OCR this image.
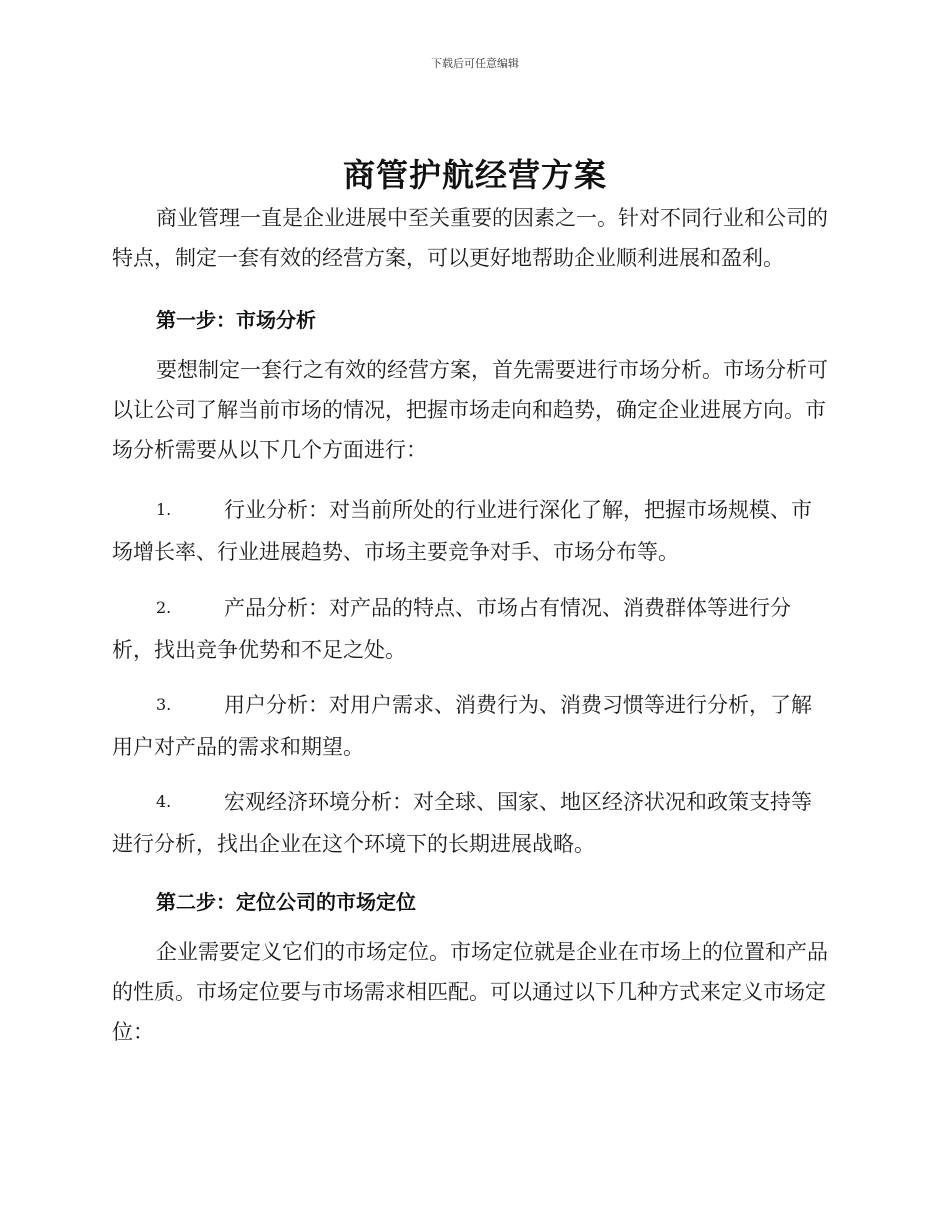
下载后可任意编辑
商管护航经营方案

商业管理一直是企业进展中至关重要的因素之一。针对不同行业和公司的特点，制定一套有效的经营方案，可以更好地帮助企业顺利进展和盈利。

第一步：市场分析

要想制定一套行之有效的经营方案，首先需要进行市场分析。市场分析可以让公司了解当前市场的情况，把握市场走向和趋势，确定企业进展方向。市场分析需要从以下几个方面进行：

1.	行业分析：对当前所处的行业进行深化了解，把握市场规模、市
场增长率、行业进展趋势、市场主要竞争对手、市场分布等。
2.	产品分析：对产品的特点、市场占有情况、消费群体等进行分
析，找出竞争优势和不足之处。
3.	用户分析：对用户需求、消费行为、消费习惯等进行分析，了解
用户对产品的需求和期望。
4.	宏观经济环境分析：对全球、国家、地区经济状况和政策支持等
进行分析，找出企业在这个环境下的长期进展战略。
第二步：定位公司的市场定位

企业需要定义它们的市场定位。市场定位就是企业在市场上的位置和产品的性质。市场定位要与市场需求相匹配。可以通过以下几种方式来定义市场定位：
